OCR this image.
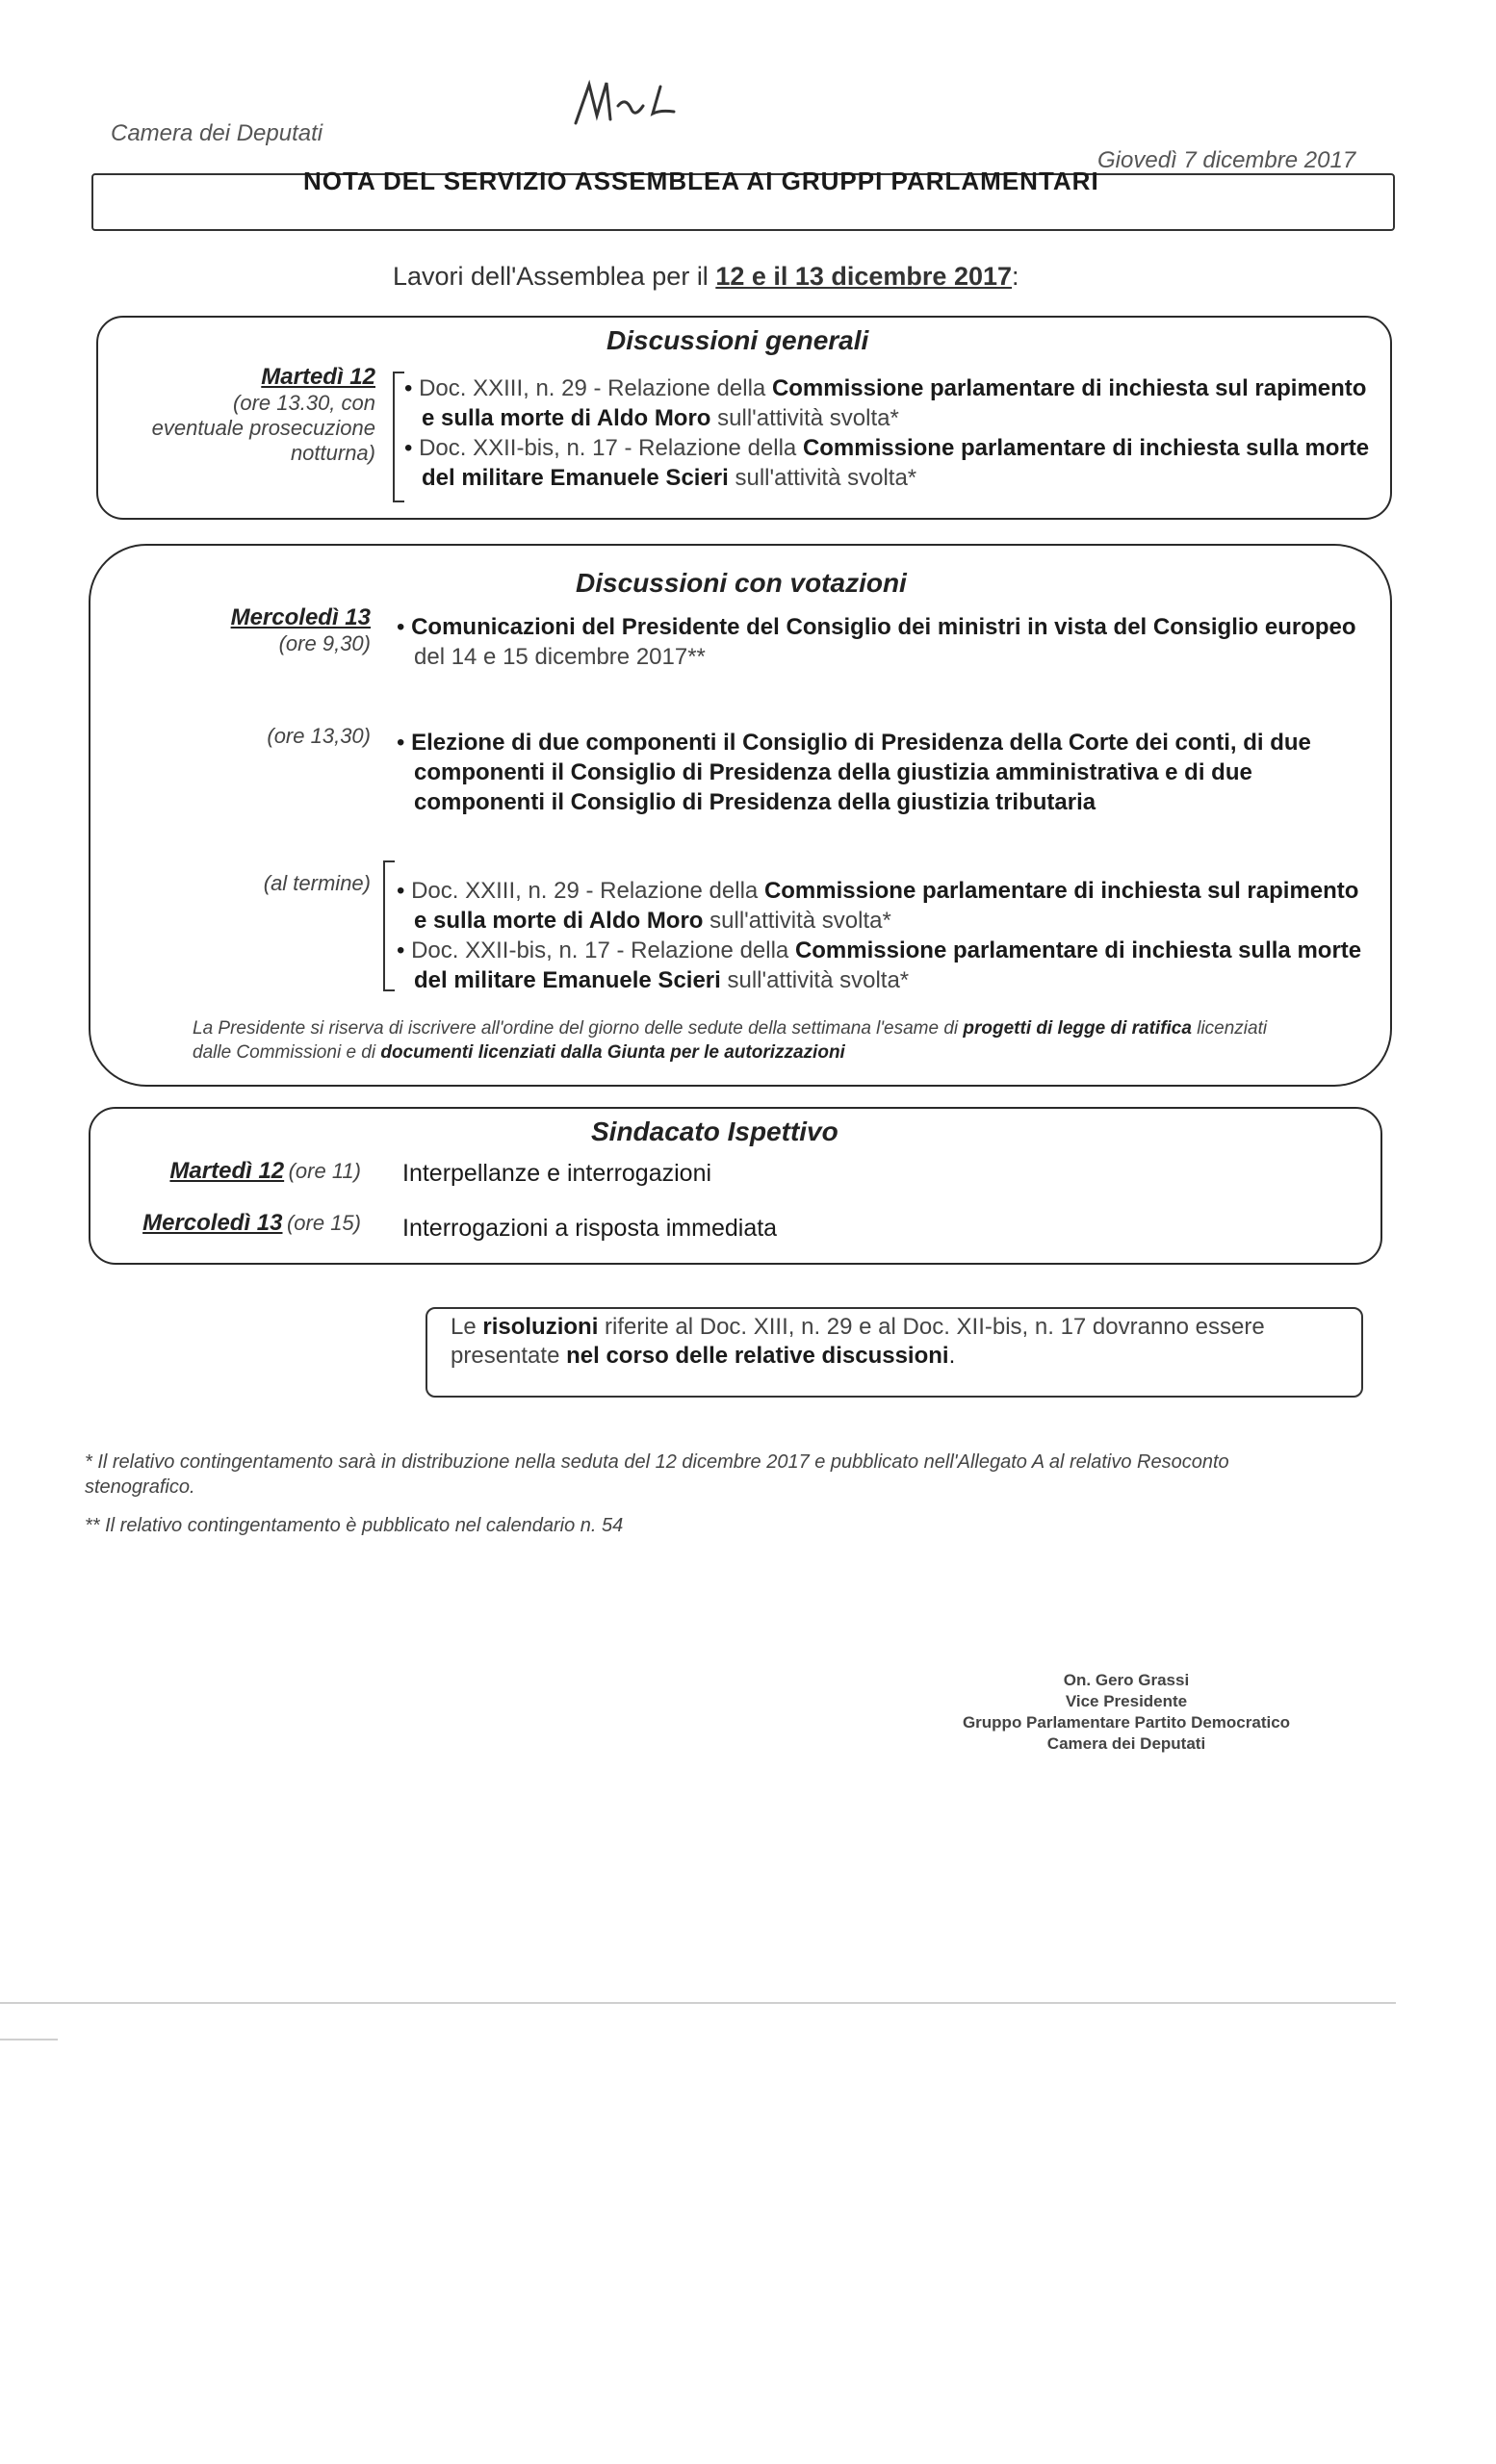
Camera dei Deputati
Giovedì 7 dicembre 2017
NOTA DEL SERVIZIO ASSEMBLEA AI GRUPPI PARLAMENTARI
Lavori dell'Assemblea per il 12 e il 13 dicembre 2017:
Discussioni generali
Martedì 12
(ore 13.30, con
eventuale prosecuzione
notturna)
• Doc. XXIII, n. 29 - Relazione della Commissione parlamentare di inchiesta sul rapimento e sulla morte di Aldo Moro sull'attività svolta*
• Doc. XXII-bis, n. 17 - Relazione della Commissione parlamentare di inchiesta sulla morte del militare Emanuele Scieri sull'attività svolta*
Discussioni con votazioni
Mercoledì 13
(ore 9,30)
• Comunicazioni del Presidente del Consiglio dei ministri in vista del Consiglio europeo del 14 e 15 dicembre 2017**
(ore 13,30) • Elezione di due componenti il Consiglio di Presidenza della Corte dei conti, di due componenti il Consiglio di Presidenza della giustizia amministrativa e di due componenti il Consiglio di Presidenza della giustizia tributaria
(al termine) • Doc. XXIII, n. 29 - Relazione della Commissione parlamentare di inchiesta sul rapimento e sulla morte di Aldo Moro sull'attività svolta*
• Doc. XXII-bis, n. 17 - Relazione della Commissione parlamentare di inchiesta sulla morte del militare Emanuele Scieri sull'attività svolta*
La Presidente si riserva di iscrivere all'ordine del giorno delle sedute della settimana l'esame di progetti di legge di ratifica licenziati dalle Commissioni e di documenti licenziati dalla Giunta per le autorizzazioni
Sindacato Ispettivo
Martedì 12 (ore 11) Interpellanze e interrogazioni
Mercoledì 13 (ore 15) Interrogazioni a risposta immediata
Le risoluzioni riferite al Doc. XIII, n. 29 e al Doc. XII-bis, n. 17 dovranno essere presentate nel corso delle relative discussioni.
* Il relativo contingentamento sarà in distribuzione nella seduta del 12 dicembre 2017 e pubblicato nell'Allegato A al relativo Resoconto stenografico.
** Il relativo contingentamento è pubblicato nel calendario n. 54
On. Gero Grassi
Vice Presidente
Gruppo Parlamentare Partito Democratico
Camera dei Deputati
